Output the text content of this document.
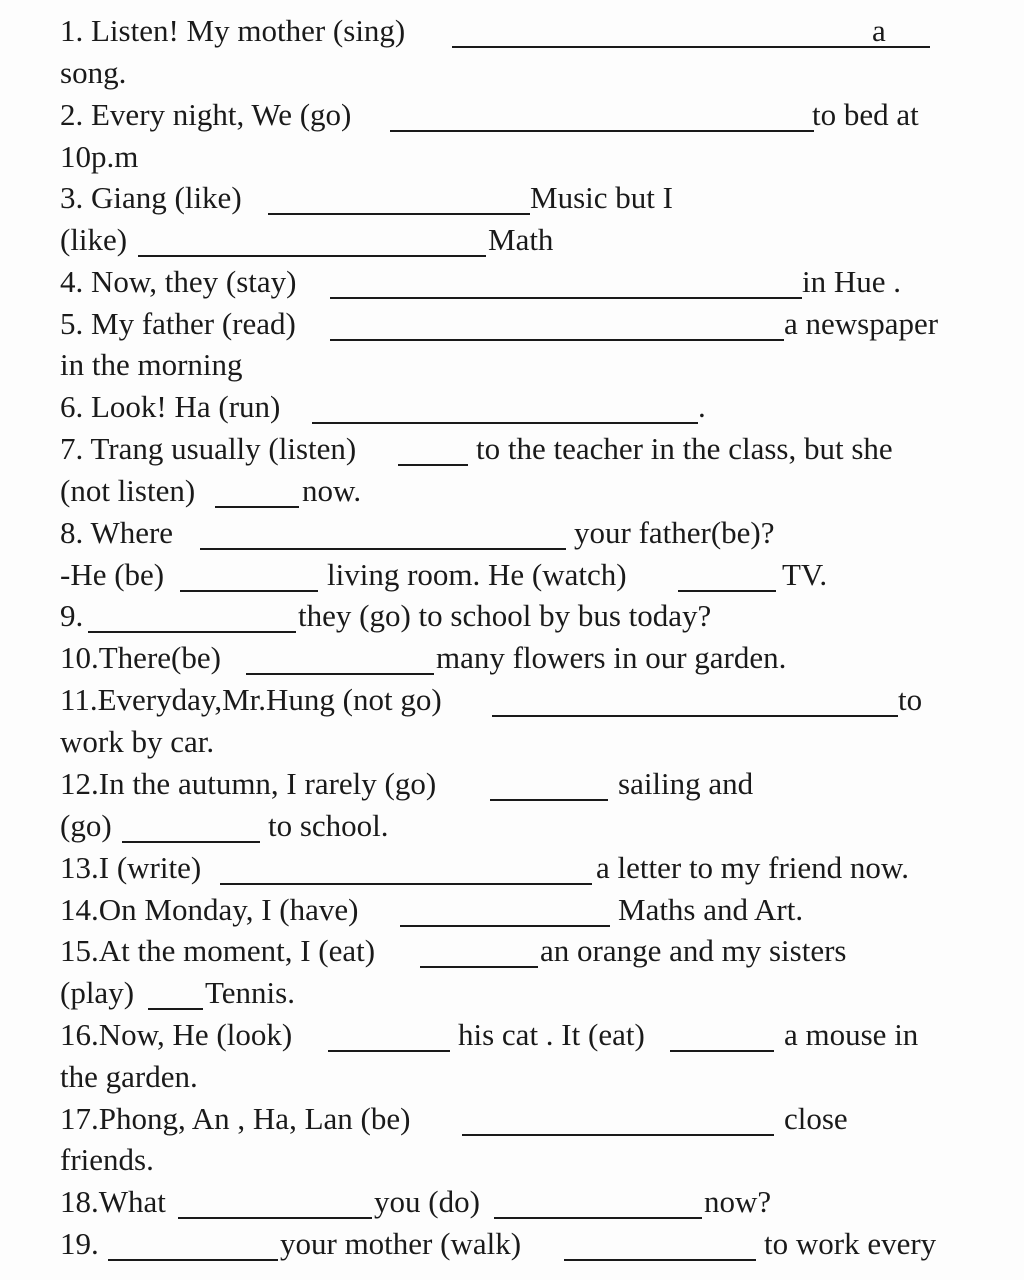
1. Listen! My mother (sing)	a
song.
2. Every night, We (go)	to bed at
10p.m
3. Giang (like)	Music but I
(like)	Math
4. Now, they (stay)	in Hue .
5. My father (read)	a newspaper
in the morning
6. Look! Ha (run)	.
7. Trang usually (listen)	to the teacher in the class, but she
(not listen)	now.
8. Where	your father(be)?
-He (be)	living room. He (watch)	TV.
9.	they (go) to school by bus today?
10.There(be)	many flowers in our garden.
11.Everyday,Mr.Hung (not go)	to
work by car.
12.In the autumn, I rarely (go)	sailing and
(go)	to school.
13.I (write)	a letter to my friend now.
14.On Monday, I (have)	Maths and Art.
15.At the moment, I (eat)	an orange and my sisters
(play) Tennis.
16.Now, He (look)	his cat . It (eat)	a mouse in
the garden.
17.Phong, An , Ha, Lan (be)	close
friends.
18.What	you (do)	now?
19.	your mother (walk)	to work every
